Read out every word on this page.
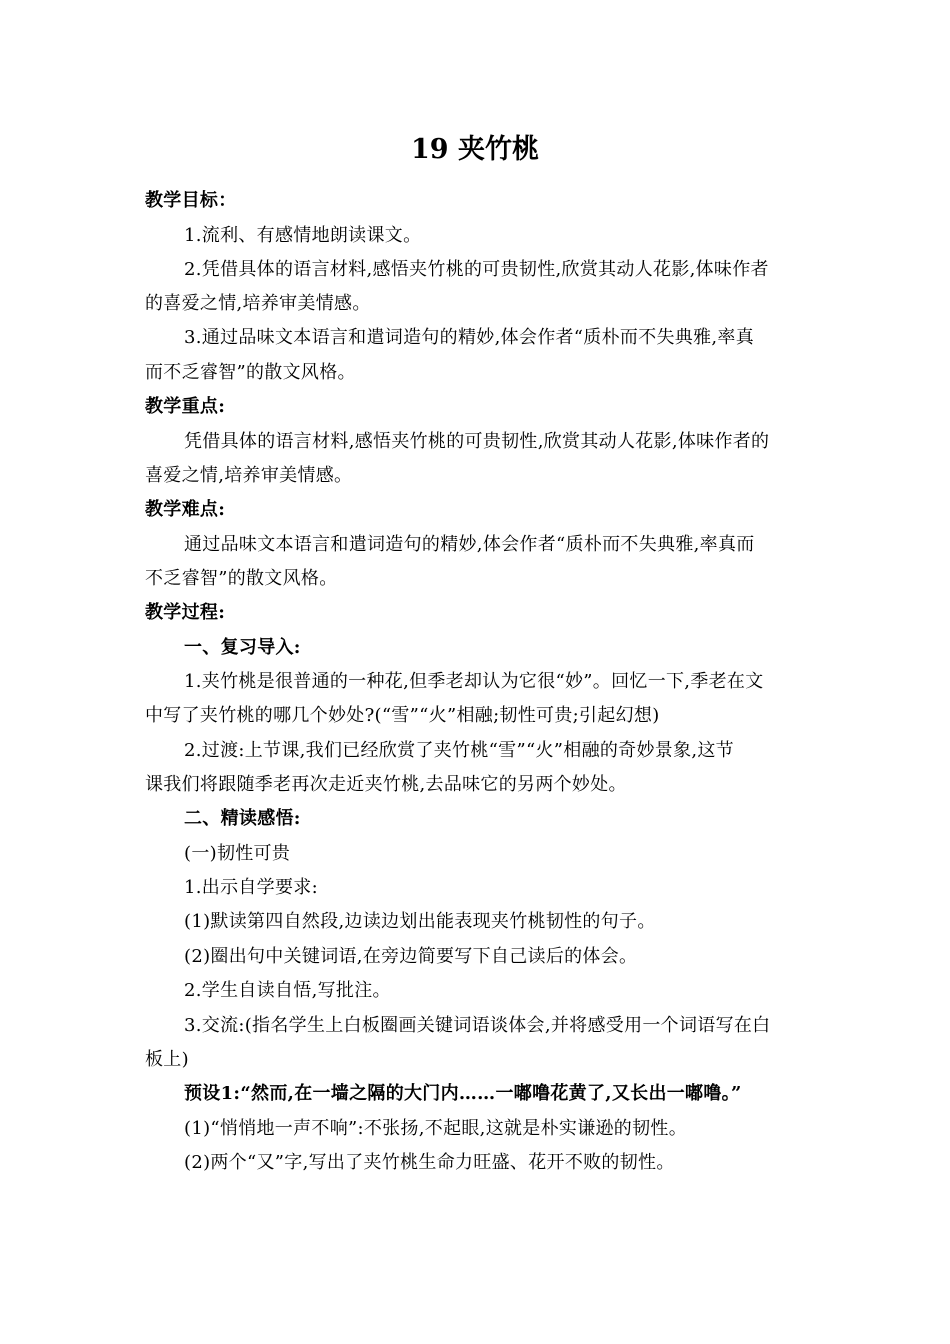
19 夹竹桃
教学目标：
1.流利、有感情地朗读课文。
2.凭借具体的语言材料,感悟夹竹桃的可贵韧性,欣赏其动人花影,体味作者
的喜爱之情,培养审美情感。
3.通过品味文本语言和遣词造句的精妙,体会作者“质朴而不失典雅,率真
而不乏睿智”的散文风格。
教学重点:
凭借具体的语言材料,感悟夹竹桃的可贵韧性,欣赏其动人花影,体味作者的
喜爱之情,培养审美情感。
教学难点:
通过品味文本语言和遣词造句的精妙,体会作者“质朴而不失典雅,率真而
不乏睿智”的散文风格。
教学过程:
一、复习导入:
1.夹竹桃是很普通的一种花,但季老却认为它很“妙”。回忆一下,季老在文
中写了夹竹桃的哪几个妙处?(“雪”“火”相融;韧性可贵;引起幻想)
2.过渡:上节课,我们已经欣赏了夹竹桃“雪”“火”相融的奇妙景象,这节
课我们将跟随季老再次走近夹竹桃,去品味它的另两个妙处。
二、精读感悟:
(一)韧性可贵
1.出示自学要求:
(1)默读第四自然段,边读边划出能表现夹竹桃韧性的句子。
(2)圈出句中关键词语,在旁边简要写下自己读后的体会。
2.学生自读自悟,写批注。
3.交流:(指名学生上白板圈画关键词语谈体会,并将感受用一个词语写在白
板上)
预设1:“然而,在一墙之隔的大门内……一嘟噜花黄了,又长出一嘟噜。”
(1)“悄悄地一声不响”:不张扬,不起眼,这就是朴实谦逊的韧性。
(2)两个“又”字,写出了夹竹桃生命力旺盛、花开不败的韧性。
